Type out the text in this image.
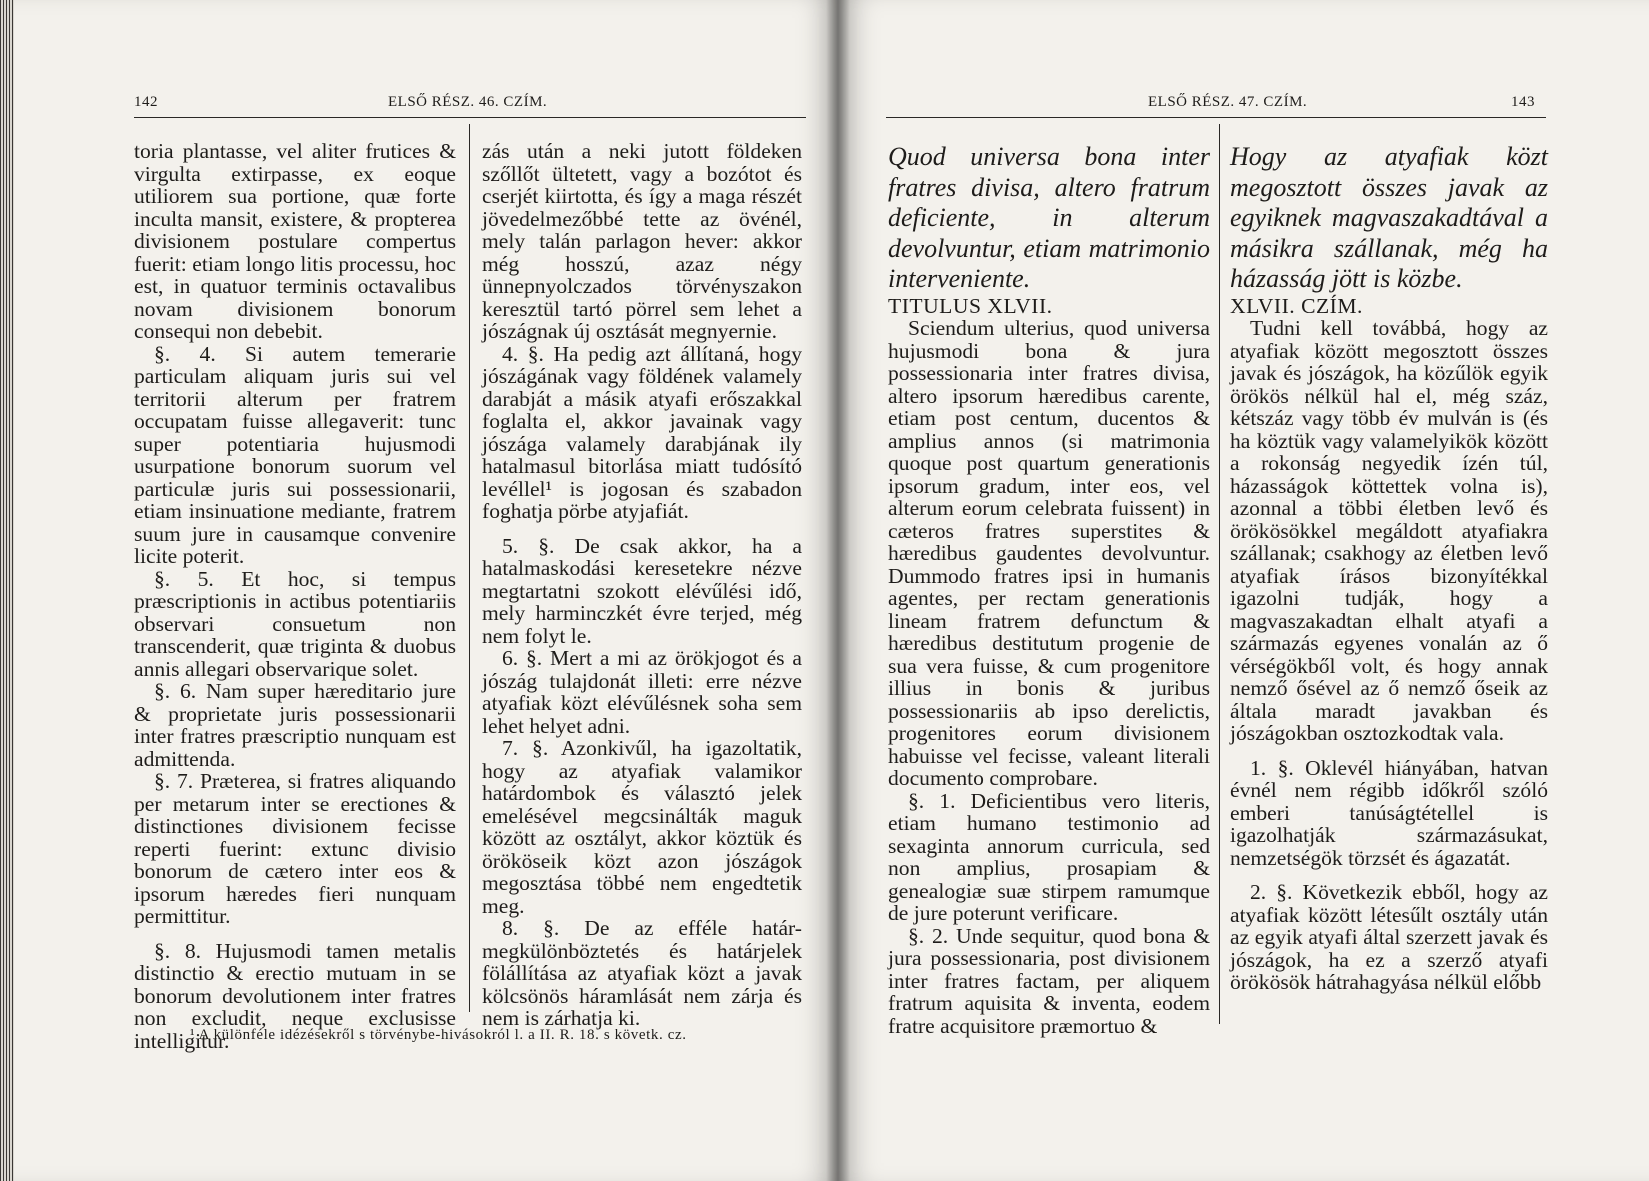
142	ELSŐ RÉSZ. 46. CZÍM.

toria plantasse, vel aliter frutices & virgulta extirpasse, ex eoque utiliorem sua portione, quæ forte inculta mansit, existere, & propterea divisionem postulare compertus fuerit: etiam longo litis processu, hoc est, in quatuor terminis octavalibus novam divisionem bonorum consequi non debebit.

§. 4. Si autem temerarie particulam aliquam juris sui vel territorii alterum per fratrem occupatam fuisse allegaverit: tunc super potentiaria hujusmodi usurpatione bonorum suorum vel particulæ juris sui possessionarii, etiam insinuatione mediante, fratrem suum jure in causamque convenire licite poterit.

§. 5. Et hoc, si tempus præscriptionis in actibus potentiariis observari consuetum non transcenderit, quæ triginta & duobus annis allegari observarique solet.

§. 6. Nam super hæreditario jure & proprietate juris possessionarii inter fratres præscriptio nunquam est admittenda.

§. 7. Præterea, si fratres aliquando per metarum inter se erectiones & distinctiones divisionem fecisse reperti fuerint: extunc divisio bonorum de cætero inter eos & ipsorum hæredes fieri nunquam permittitur.

§. 8. Hujusmodi tamen metalis distinctio & erectio mutuam in se bonorum devolutionem inter fratres non excludit, neque exclusisse intelligitur.

zás után a neki jutott földeken szőllőt ültetett, vagy a bozótot és cserjét kiirtotta, és így a maga részét jövedelmezőbbé tette az övénél, mely talán parlagon hever: akkor még hosszú, azaz négy ünnepnyolczados törvényszakon keresztül tartó pörrel sem lehet a jószágnak új osztását megnyernie.

4. §. Ha pedig azt állítaná, hogy jószágának vagy földének valamely darabját a másik atyafi erőszakkal foglalta el, akkor javainak vagy jószága valamely darabjának ily hatalmasul bitorlása miatt tudósító levéllel¹ is jogosan és szabadon foghatja pörbe atyjafiát.

5. §. De csak akkor, ha a hatalmaskodási keresetekre nézve megtartatni szokott elévűlési idő, mely harminczkét évre terjed, még nem folyt le.

6. §. Mert a mi az örökjogot és a jószág tulajdonát illeti: erre nézve atyafiak közt elévűlésnek soha sem lehet helyet adni.

7. §. Azonkivűl, ha igazoltatik, hogy az atyafiak valamikor határdombok és választó jelek emelésével megcsinálták maguk között az osztályt, akkor köztük és örököseik közt azon jószágok megosztása többé nem engedtetik meg.

8. §. De az efféle határ-megkülönböztetés és határjelek fölállítása az atyafiak közt a javak kölcsönös háramlását nem zárja és nem is zárhatja ki.

¹ A különféle idézésekről s törvénybe-hivásokról l. a II. R. 18. s követk. cz.
ELSŐ RÉSZ. 47. CZÍM.	143

Quod universa bona inter fratres divisa, altero fratrum deficiente, in alterum devolvuntur, etiam matrimonio interveniente.

TITULUS XLVII.

Sciendum ulterius, quod universa hujusmodi bona & jura possessionaria inter fratres divisa, altero ipsorum hæredibus carente, etiam post centum, ducentos & amplius annos (si matrimonia quoque post quartum generationis ipsorum gradum, inter eos, vel alterum eorum celebrata fuissent) in cæteros fratres superstites & hæredibus gaudentes devolvuntur. Dummodo fratres ipsi in humanis agentes, per rectam generationis lineam fratrem defunctum & hæredibus destitutum progenie de sua vera fuisse, & cum progenitore illius in bonis & juribus possessionariis ab ipso derelictis, progenitores eorum divisionem habuisse vel fecisse, valeant literali documento comprobare.

§. 1. Deficientibus vero literis, etiam humano testimonio ad sexaginta annorum curricula, sed non amplius, prosapiam & genealogiæ suæ stirpem ramumque de jure poterunt verificare.

§. 2. Unde sequitur, quod bona & jura possessionaria, post divisionem inter fratres factam, per aliquem fratrum aquisita & inventa, eodem fratre acquisitore præmortuo &

Hogy az atyafiak közt megosztott összes javak az egyiknek magvaszakadtával a másikra szállanak, még ha házasság jött is közbe.

XLVII. CZÍM.

Tudni kell továbbá, hogy az atyafiak között megosztott összes javak és jószágok, ha közűlök egyik örökös nélkül hal el, még száz, kétszáz vagy több év mulván is (és ha köztük vagy valamelyikök között a rokonság negyedik ízén túl, házasságok köttettek volna is), azonnal a többi életben levő és örökösökkel megáldott atyafiakra szállanak; csakhogy az életben levő atyafiak írásos bizonyítékkal igazolni tudják, hogy a magvaszakadtan elhalt atyafi a származás egyenes vonalán az ő vérségökből volt, és hogy annak nemző ősével az ő nemző őseik az általa maradt javakban és jószágokban osztozkodtak vala.

1. §. Oklevél hiányában, hatvan évnél nem régibb időkről szóló emberi tanúságtétellel is igazolhatják származásukat, nemzetségök törzsét és ágazatát.

2. §. Következik ebből, hogy az atyafiak között létesűlt osztály után az egyik atyafi által szerzett javak és jószágok, ha ez a szerző atyafi örökösök hátrahagyása nélkül előbb
